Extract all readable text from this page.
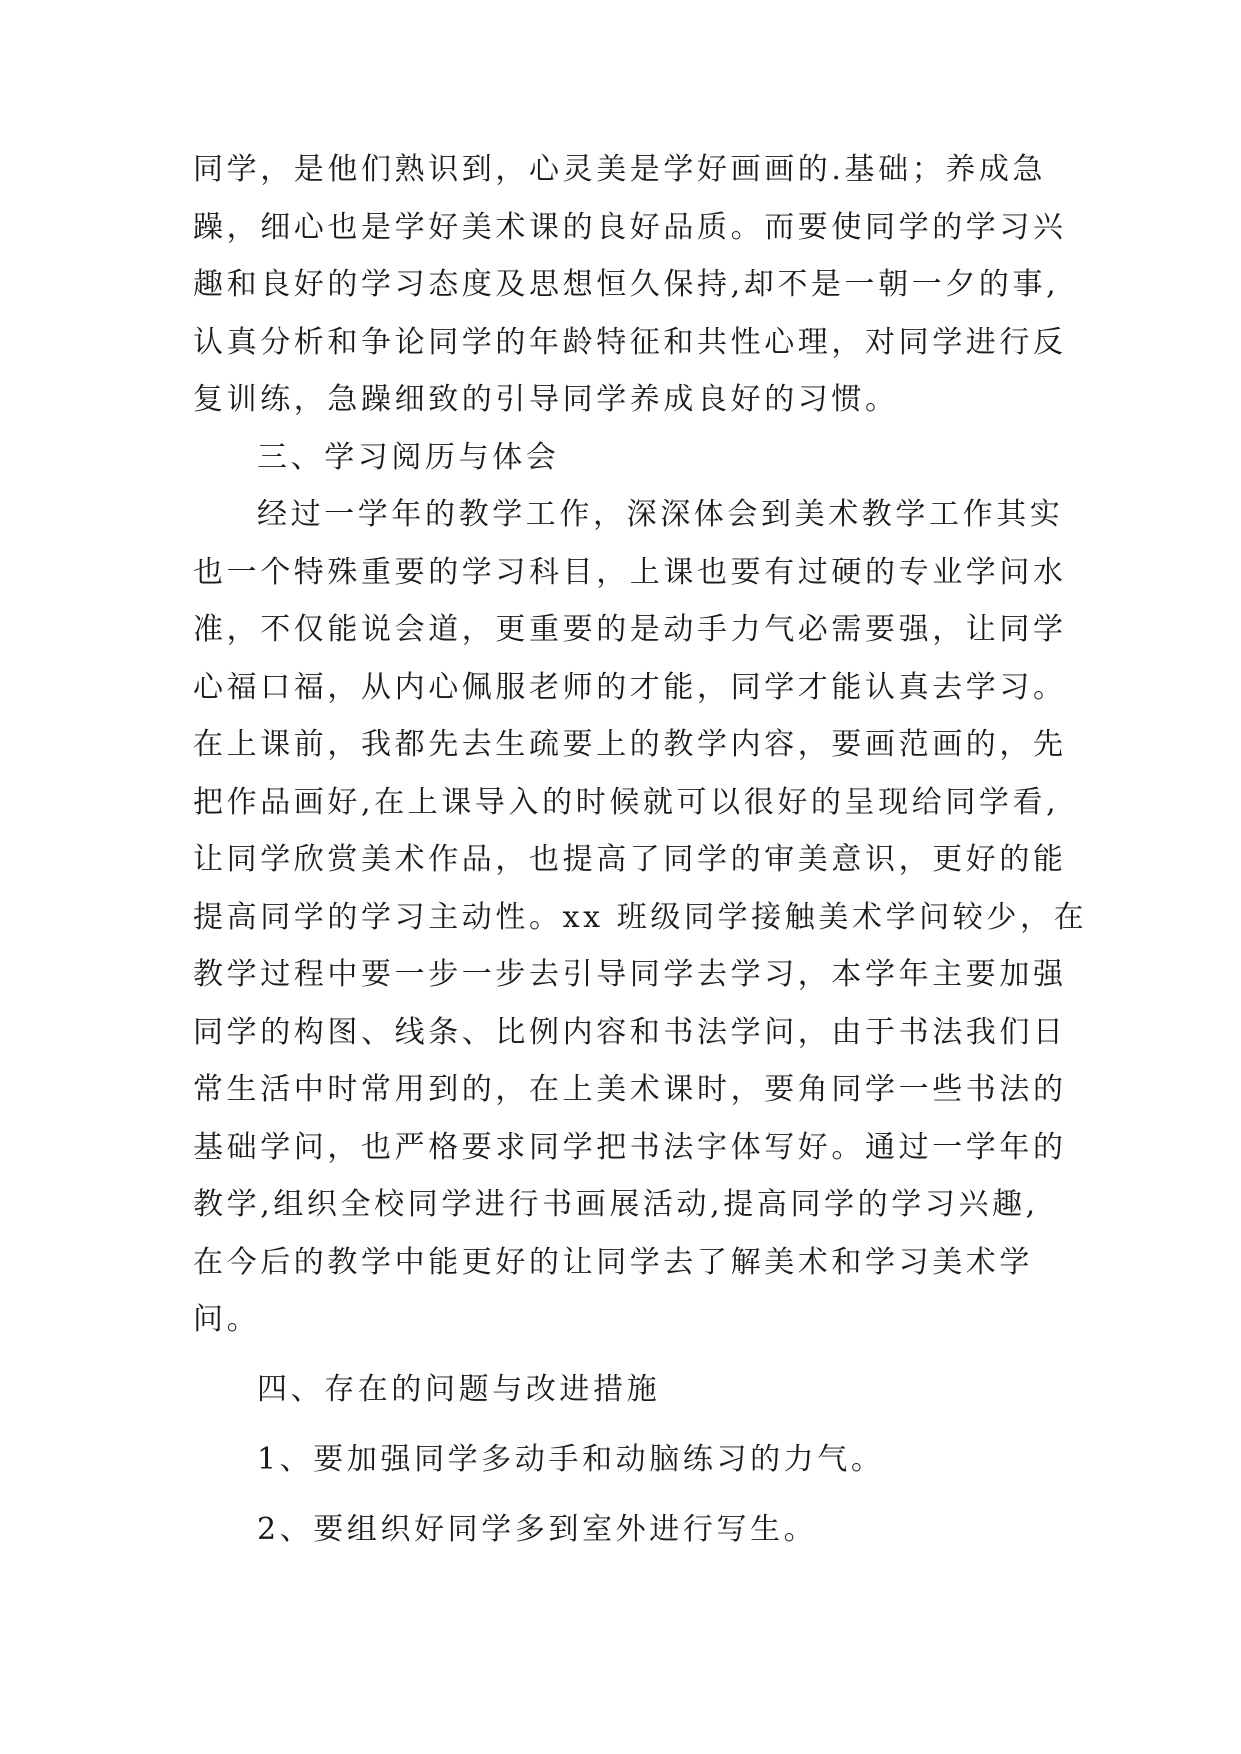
同学，是他们熟识到，心灵美是学好画画的.基础；养成急
躁，细心也是学好美术课的良好品质。而要使同学的学习兴
趣和良好的学习态度及思想恒久保持,却不是一朝一夕的事,
认真分析和争论同学的年龄特征和共性心理，对同学进行反
复训练，急躁细致的引导同学养成良好的习惯。
三、学习阅历与体会
经过一学年的教学工作，深深体会到美术教学工作其实
也一个特殊重要的学习科目，上课也要有过硬的专业学问水
准，不仅能说会道，更重要的是动手力气必需要强，让同学
心福口福，从内心佩服老师的才能，同学才能认真去学习。
在上课前，我都先去生疏要上的教学内容，要画范画的，先
把作品画好,在上课导入的时候就可以很好的呈现给同学看,
让同学欣赏美术作品，也提高了同学的审美意识，更好的能
提高同学的学习主动性。xx 班级同学接触美术学问较少，在
教学过程中要一步一步去引导同学去学习，本学年主要加强
同学的构图、线条、比例内容和书法学问，由于书法我们日
常生活中时常用到的，在上美术课时，要角同学一些书法的
基础学问，也严格要求同学把书法字体写好。通过一学年的
教学,组织全校同学进行书画展活动,提高同学的学习兴趣,
在今后的教学中能更好的让同学去了解美术和学习美术学
问。
四、存在的问题与改进措施
1、要加强同学多动手和动脑练习的力气。
2、要组织好同学多到室外进行写生。
